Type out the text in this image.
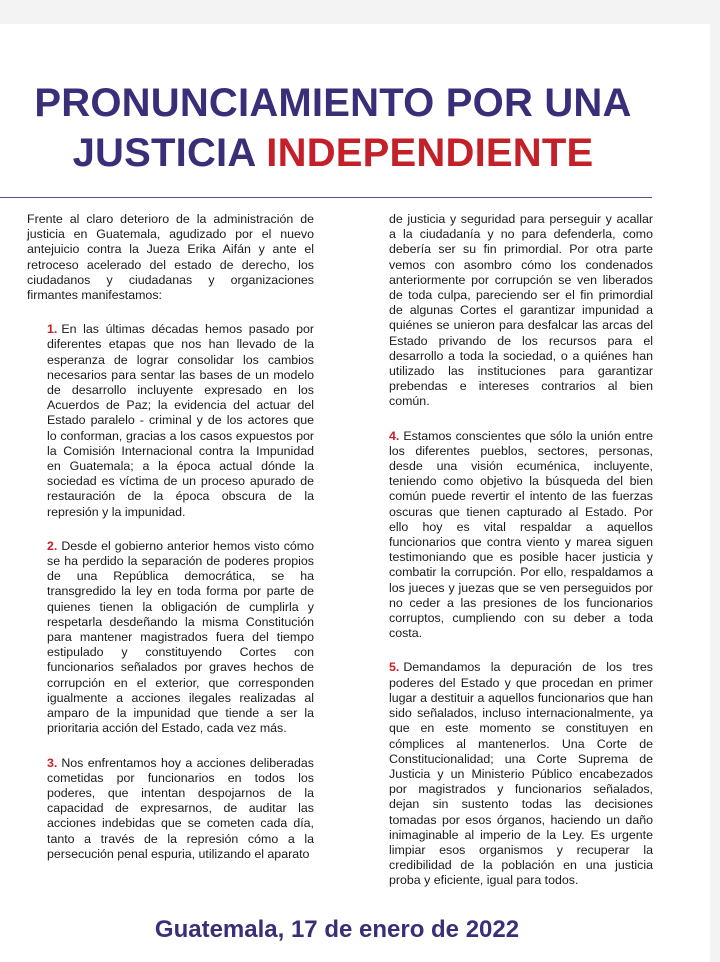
PRONUNCIAMIENTO POR UNA
JUSTICIA INDEPENDIENTE

Frente al claro deterioro de la administración de justicia en Guatemala, agudizado por el nuevo antejuicio contra la Jueza Erika Aifán y ante el retroceso acelerado del estado de derecho, los ciudadanos y ciudadanas y organizaciones firmantes manifestamos:

1. En las últimas décadas hemos pasado por diferentes etapas que nos han llevado de la esperanza de lograr consolidar los cambios necesarios para sentar las bases de un modelo de desarrollo incluyente expresado en los Acuerdos de Paz; la evidencia del actuar del Estado paralelo - criminal y de los actores que lo conforman, gracias a los casos expuestos por la Comisión Internacional contra la Impunidad en Guatemala; a la época actual dónde la sociedad es víctima de un proceso apurado de restauración de la época obscura de la represión y la impunidad.

2. Desde el gobierno anterior hemos visto cómo se ha perdido la separación de poderes propios de una República democrática, se ha transgredido la ley en toda forma por parte de quienes tienen la obligación de cumplirla y respetarla desdeñando la misma Constitución para mantener magistrados fuera del tiempo estipulado y constituyendo Cortes con funcionarios señalados por graves hechos de corrupción en el exterior, que corresponden igualmente a acciones ilegales realizadas al amparo de la impunidad que tiende a ser la prioritaria acción del Estado, cada vez más.

3. Nos enfrentamos hoy a acciones deliberadas cometidas por funcionarios en todos los poderes, que intentan despojarnos de la capacidad de expresarnos, de auditar las acciones indebidas que se cometen cada día, tanto a través de la represión cómo a la persecución penal espuria, utilizando el aparato

de justicia y seguridad para perseguir y acallar a la ciudadanía y no para defenderla, como debería ser su fin primordial. Por otra parte vemos con asombro cómo los condenados anteriormente por corrupción se ven liberados de toda culpa, pareciendo ser el fin primordial de algunas Cortes el garantizar impunidad a quiénes se unieron para desfalcar las arcas del Estado privando de los recursos para el desarrollo a toda la sociedad, o a quiénes han utilizado las instituciones para garantizar prebendas e intereses contrarios al bien común.

4. Estamos conscientes que sólo la unión entre los diferentes pueblos, sectores, personas, desde una visión ecuménica, incluyente, teniendo como objetivo la búsqueda del bien común puede revertir el intento de las fuerzas oscuras que tienen capturado al Estado. Por ello hoy es vital respaldar a aquellos funcionarios que contra viento y marea siguen testimoniando que es posible hacer justicia y combatir la corrupción. Por ello, respaldamos a los jueces y juezas que se ven perseguidos por no ceder a las presiones de los funcionarios corruptos, cumpliendo con su deber a toda costa.

5. Demandamos la depuración de los tres poderes del Estado y que procedan en primer lugar a destituir a aquellos funcionarios que han sido señalados, incluso internacionalmente, ya que en este momento se constituyen en cómplices al mantenerlos. Una Corte de Constitucionalidad; una Corte Suprema de Justicia y un Ministerio Público encabezados por magistrados y funcionarios señalados, dejan sin sustento todas las decisiones tomadas por esos órganos, haciendo un daño inimaginable al imperio de la Ley. Es urgente limpiar esos organismos y recuperar la credibilidad de la población en una justicia proba y eficiente, igual para todos.

Guatemala, 17 de enero de 2022
